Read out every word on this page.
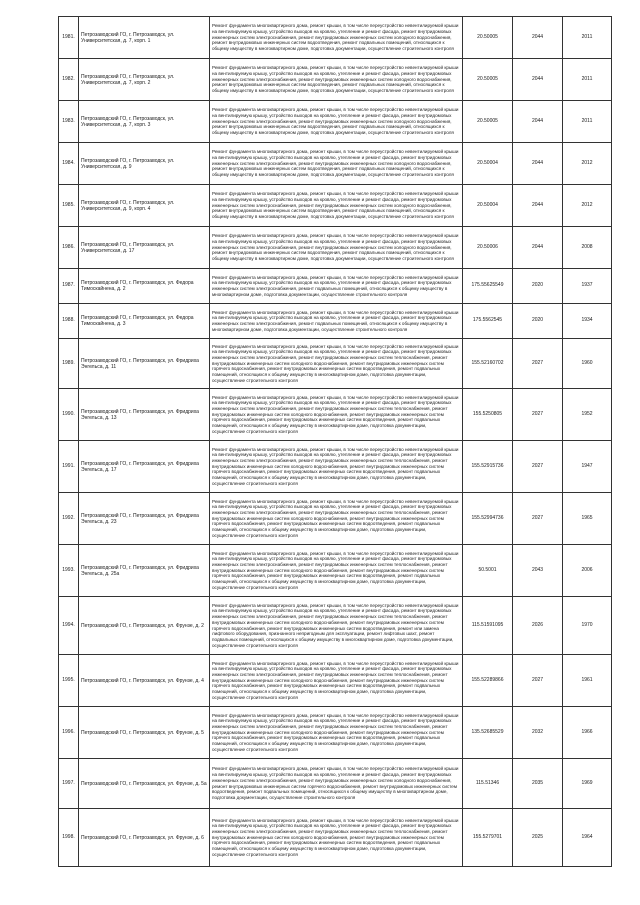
1981.	Петрозаводский ГО, г. Петрозаводск, ул. Университетская, д. 7, корп. 1	Ремонт фундамента многоквартирного дома, ремонт крыши, в том числе переустройство невентилируемой крыши на вентилируемую крышу, устройство выходов на кровлю, утепление и ремонт фасада, ремонт внутридомовых инженерных систем электроснабжения, ремонт внутридомовых инженерных систем холодного водоснабжения, ремонт внутридомовых инженерных систем водоотведения, ремонт подвальных помещений, относящихся к общему имуществу в многоквартирном доме, подготовка документации, осуществление строительного контроля	20.50005	2044	2011
1982.	Петрозаводский ГО, г. Петрозаводск, ул. Университетская, д. 7, корп. 2	Ремонт фундамента многоквартирного дома, ремонт крыши, в том числе переустройство невентилируемой крыши на вентилируемую крышу, устройство выходов на кровлю, утепление и ремонт фасада, ремонт внутридомовых инженерных систем электроснабжения, ремонт внутридомовых инженерных систем холодного водоснабжения, ремонт внутридомовых инженерных систем водоотведения, ремонт подвальных помещений, относящихся к общему имуществу в многоквартирном доме, подготовка документации, осуществление строительного контроля	20.50005	2044	2011
1983.	Петрозаводский ГО, г. Петрозаводск, ул. Университетская, д. 7, корп. 3	Ремонт фундамента многоквартирного дома, ремонт крыши, в том числе переустройство невентилируемой крыши на вентилируемую крышу, устройство выходов на кровлю, утепление и ремонт фасада, ремонт внутридомовых инженерных систем электроснабжения, ремонт внутридомовых инженерных систем холодного водоснабжения, ремонт внутридомовых инженерных систем водоотведения, ремонт подвальных помещений, относящихся к общему имуществу в многоквартирном доме, подготовка документации, осуществление строительного контроля	20.50005	2044	2011
1984.	Петрозаводский ГО, г. Петрозаводск, ул. Университетская, д. 9	Ремонт фундамента многоквартирного дома, ремонт крыши, в том числе переустройство невентилируемой крыши на вентилируемую крышу, устройство выходов на кровлю, утепление и ремонт фасада, ремонт внутридомовых инженерных систем электроснабжения, ремонт внутридомовых инженерных систем холодного водоснабжения, ремонт внутридомовых инженерных систем водоотведения, ремонт подвальных помещений, относящихся к общему имуществу в многоквартирном доме, подготовка документации, осуществление строительного контроля	20.50004	2044	2012
1985.	Петрозаводский ГО, г. Петрозаводск, ул. Университетская, д. 9, корп. 4	Ремонт фундамента многоквартирного дома, ремонт крыши, в том числе переустройство невентилируемой крыши на вентилируемую крышу, устройство выходов на кровлю, утепление и ремонт фасада, ремонт внутридомовых инженерных систем электроснабжения, ремонт внутридомовых инженерных систем холодного водоснабжения, ремонт внутридомовых инженерных систем водоотведения, ремонт подвальных помещений, относящихся к общему имуществу в многоквартирном доме, подготовка документации, осуществление строительного контроля	20.50004	2044	2012
1986.	Петрозаводский ГО, г. Петрозаводск, ул. Университетская, д. 17	Ремонт фундамента многоквартирного дома, ремонт крыши, в том числе переустройство невентилируемой крыши на вентилируемую крышу, устройство выходов на кровлю, утепление и ремонт фасада, ремонт внутридомовых инженерных систем электроснабжения, ремонт внутридомовых инженерных систем холодного водоснабжения, ремонт внутридомовых инженерных систем водоотведения, ремонт подвальных помещений, относящихся к общему имуществу в многоквартирном доме, подготовка документации, осуществление строительного контроля	20.50006	2044	2008
1987.	Петрозаводский ГО, г. Петрозаводск, ул. Федора Тимоскайнена, д. 2	Ремонт фундамента многоквартирного дома, ремонт крыши, в том числе переустройство невентилируемой крыши на вентилируемую крышу, устройство выходов на кровлю, утепление и ремонт фасада, ремонт внутридомовых инженерных систем электроснабжения, ремонт подвальных помещений, относящихся к общему имуществу в многоквартирном доме, подготовка документации, осуществление строительного контроля	175.55625549	2020	1937
1988.	Петрозаводский ГО, г. Петрозаводск, ул. Федора Тимоскайнена, д. 3	Ремонт фундамента многоквартирного дома, ремонт крыши, в том числе переустройство невентилируемой крыши на вентилируемую крышу, устройство выходов на кровлю, утепление и ремонт фасада, ремонт внутридомовых инженерных систем электроснабжения, ремонт подвальных помещений, относящихся к общему имуществу в многоквартирном доме, подготовка документации, осуществление строительного контроля	175.5562545	2020	1934
1989.	Петрозаводский ГО, г. Петрозаводск, ул. Фридриха Энгельса, д. 11	Ремонт фундамента многоквартирного дома, ремонт крыши, в том числе переустройство невентилируемой крыши на вентилируемую крышу, устройство выходов на кровлю, утепление и ремонт фасада, ремонт внутридомовых инженерных систем электроснабжения, ремонт внутридомовых инженерных систем теплоснабжения, ремонт внутридомовых инженерных систем холодного водоснабжения, ремонт внутридомовых инженерных систем горячего водоснабжения, ремонт внутридомовых инженерных систем водоотведения, ремонт подвальных помещений, относящихся к общему имуществу в многоквартирном доме, подготовка документации, осуществление строительного контроля	155.52160702	2027	1960
1990.	Петрозаводский ГО, г. Петрозаводск, ул. Фридриха Энгельса, д. 13	Ремонт фундамента многоквартирного дома, ремонт крыши, в том числе переустройство невентилируемой крыши на вентилируемую крышу, устройство выходов на кровлю, утепление и ремонт фасада, ремонт внутридомовых инженерных систем электроснабжения, ремонт внутридомовых инженерных систем теплоснабжения, ремонт внутридомовых инженерных систем холодного водоснабжения, ремонт внутридомовых инженерных систем горячего водоснабжения, ремонт внутридомовых инженерных систем водоотведения, ремонт подвальных помещений, относящихся к общему имуществу в многоквартирном доме, подготовка документации, осуществление строительного контроля	155.5250805	2027	1952
1991.	Петрозаводский ГО, г. Петрозаводск, ул. Фридриха Энгельса, д. 17	Ремонт фундамента многоквартирного дома, ремонт крыши, в том числе переустройство невентилируемой крыши на вентилируемую крышу, устройство выходов на кровлю, утепление и ремонт фасада, ремонт внутридомовых инженерных систем электроснабжения, ремонт внутридомовых инженерных систем теплоснабжения, ремонт внутридомовых инженерных систем холодного водоснабжения, ремонт внутридомовых инженерных систем горячего водоснабжения, ремонт внутридомовых инженерных систем водоотведения, ремонт подвальных помещений, относящихся к общему имуществу в многоквартирном доме, подготовка документации, осуществление строительного контроля	155.52915736	2027	1947
1992.	Петрозаводский ГО, г. Петрозаводск, ул. Фридриха Энгельса, д. 23	Ремонт фундамента многоквартирного дома, ремонт крыши, в том числе переустройство невентилируемой крыши на вентилируемую крышу, устройство выходов на кровлю, утепление и ремонт фасада, ремонт внутридомовых инженерных систем электроснабжения, ремонт внутридомовых инженерных систем теплоснабжения, ремонт внутридомовых инженерных систем холодного водоснабжения, ремонт внутридомовых инженерных систем горячего водоснабжения, ремонт внутридомовых инженерных систем водоотведения, ремонт подвальных помещений, относящихся к общему имуществу в многоквартирном доме, подготовка документации, осуществление строительного контроля	155.52994736	2027	1965
1993.	Петрозаводский ГО, г. Петрозаводск, ул. Фридриха Энгельса, д. 25а	Ремонт фундамента многоквартирного дома, ремонт крыши, в том числе переустройство невентилируемой крыши на вентилируемую крышу, устройство выходов на кровлю, утепление и ремонт фасада, ремонт внутридомовых инженерных систем электроснабжения, ремонт внутридомовых инженерных систем теплоснабжения, ремонт внутридомовых инженерных систем холодного водоснабжения, ремонт внутридомовых инженерных систем горячего водоснабжения, ремонт внутридомовых инженерных систем водоотведения, ремонт подвальных помещений, относящихся к общему имуществу в многоквартирном доме, подготовка документации, осуществление строительного контроля	50.5001	2043	2006
1994.	Петрозаводский ГО, г. Петрозаводск, ул. Фрунзе, д. 2	Ремонт фундамента многоквартирного дома, ремонт крыши, в том числе переустройство невентилируемой крыши на вентилируемую крышу, устройство выходов на кровлю, утепление и ремонт фасада, ремонт внутридомовых инженерных систем электроснабжения, ремонт внутридомовых инженерных систем теплоснабжения, ремонт внутридомовых инженерных систем холодного водоснабжения, ремонт внутридомовых инженерных систем горячего водоснабжения, ремонт внутридомовых инженерных систем водоотведения, ремонт или замена лифтового оборудования, признанного непригодным для эксплуатации, ремонт лифтовых шахт, ремонт подвальных помещений, относящихся к общему имуществу в многоквартирном доме, подготовка документации, осуществление строительного контроля	115.51591095	2026	1970
1995.	Петрозаводский ГО, г. Петрозаводск, ул. Фрунзе, д. 4	Ремонт фундамента многоквартирного дома, ремонт крыши, в том числе переустройство невентилируемой крыши на вентилируемую крышу, устройство выходов на кровлю, утепление и ремонт фасада, ремонт внутридомовых инженерных систем электроснабжения, ремонт внутридомовых инженерных систем теплоснабжения, ремонт внутридомовых инженерных систем холодного водоснабжения, ремонт внутридомовых инженерных систем горячего водоснабжения, ремонт внутридомовых инженерных систем водоотведения, ремонт подвальных помещений, относящихся к общему имуществу в многоквартирном доме, подготовка документации, осуществление строительного контроля	155.52289866	2027	1961
1996.	Петрозаводский ГО, г. Петрозаводск, ул. Фрунзе, д. 5	Ремонт фундамента многоквартирного дома, ремонт крыши, в том числе переустройство невентилируемой крыши на вентилируемую крышу, устройство выходов на кровлю, утепление и ремонт фасада, ремонт внутридомовых инженерных систем электроснабжения, ремонт внутридомовых инженерных систем теплоснабжения, ремонт внутридомовых инженерных систем холодного водоснабжения, ремонт внутридомовых инженерных систем горячего водоснабжения, ремонт внутридомовых инженерных систем водоотведения, ремонт подвальных помещений, относящихся к общему имуществу в многоквартирном доме, подготовка документации, осуществление строительного контроля	135.52685529	2032	1966
1997.	Петрозаводский ГО, г. Петрозаводск, ул. Фрунзе, д. 5а	Ремонт фундамента многоквартирного дома, ремонт крыши, в том числе переустройство невентилируемой крыши на вентилируемую крышу, устройство выходов на кровлю, утепление и ремонт фасада, ремонт внутридомовых инженерных систем электроснабжения, ремонт внутридомовых инженерных систем холодного водоснабжения, ремонт внутридомовых инженерных систем горячего водоснабжения, ремонт внутридомовых инженерных систем водоотведения, ремонт подвальных помещений, относящихся к общему имуществу в многоквартирном доме, подготовка документации, осуществление строительного контроля	115.51346	2035	1969
1998.	Петрозаводский ГО, г. Петрозаводск, ул. Фрунзе, д. 6	Ремонт фундамента многоквартирного дома, ремонт крыши, в том числе переустройство невентилируемой крыши на вентилируемую крышу, устройство выходов на кровлю, утепление и ремонт фасада, ремонт внутридомовых инженерных систем электроснабжения, ремонт внутридомовых инженерных систем теплоснабжения, ремонт внутридомовых инженерных систем холодного водоснабжения, ремонт внутридомовых инженерных систем горячего водоснабжения, ремонт внутридомовых инженерных систем водоотведения, ремонт подвальных помещений, относящихся к общему имуществу в многоквартирном доме, подготовка документации, осуществление строительного контроля	155.5279701	2025	1964
